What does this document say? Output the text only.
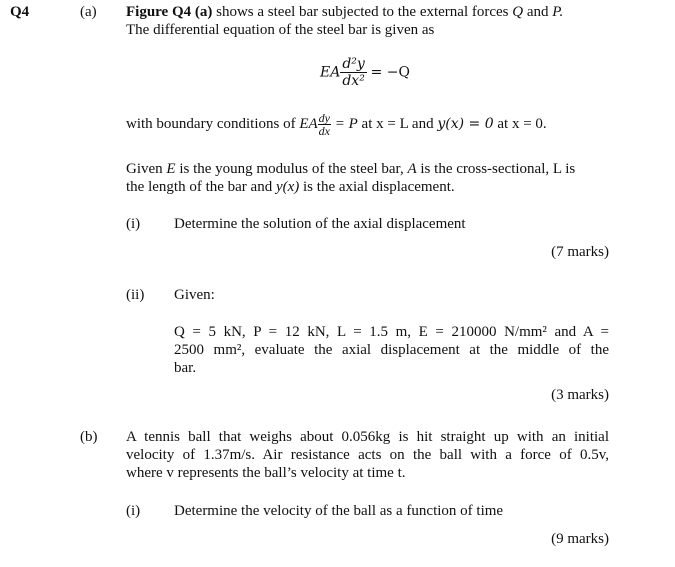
Q4	(a) Figure Q4 (a) shows a steel bar subjected to the external forces Q and P.
The differential equation of the steel bar is given as
EA $\frac{\text{d²y}}{\text{dx²}} = -Q$
with boundary conditions of EA $\frac{dy}{dx} = P$ at x = L and y(x) = 0 at x = 0.
Given E is the young modulus of the steel bar, A is the cross-sectional, L is
the length of the bar and y(x) is the axial displacement.
(i) Determine the solution of the axial displacement
(7 marks)
(ii) Given:
Q = 5 kN, P = 12 kN, L = 1.5 m, E = 210000 N/mm² and A =
2500 mm², evaluate the axial displacement at the middle of the
bar.
(3 marks)
(b) A tennis ball that weighs about 0.056kg is hit straight up with an initial
velocity of 1.37m/s. Air resistance acts on the ball with a force of 0.5v,
where v represents the ball’s velocity at time t.
(i) Determine the velocity of the ball as a function of time
(9 marks)
